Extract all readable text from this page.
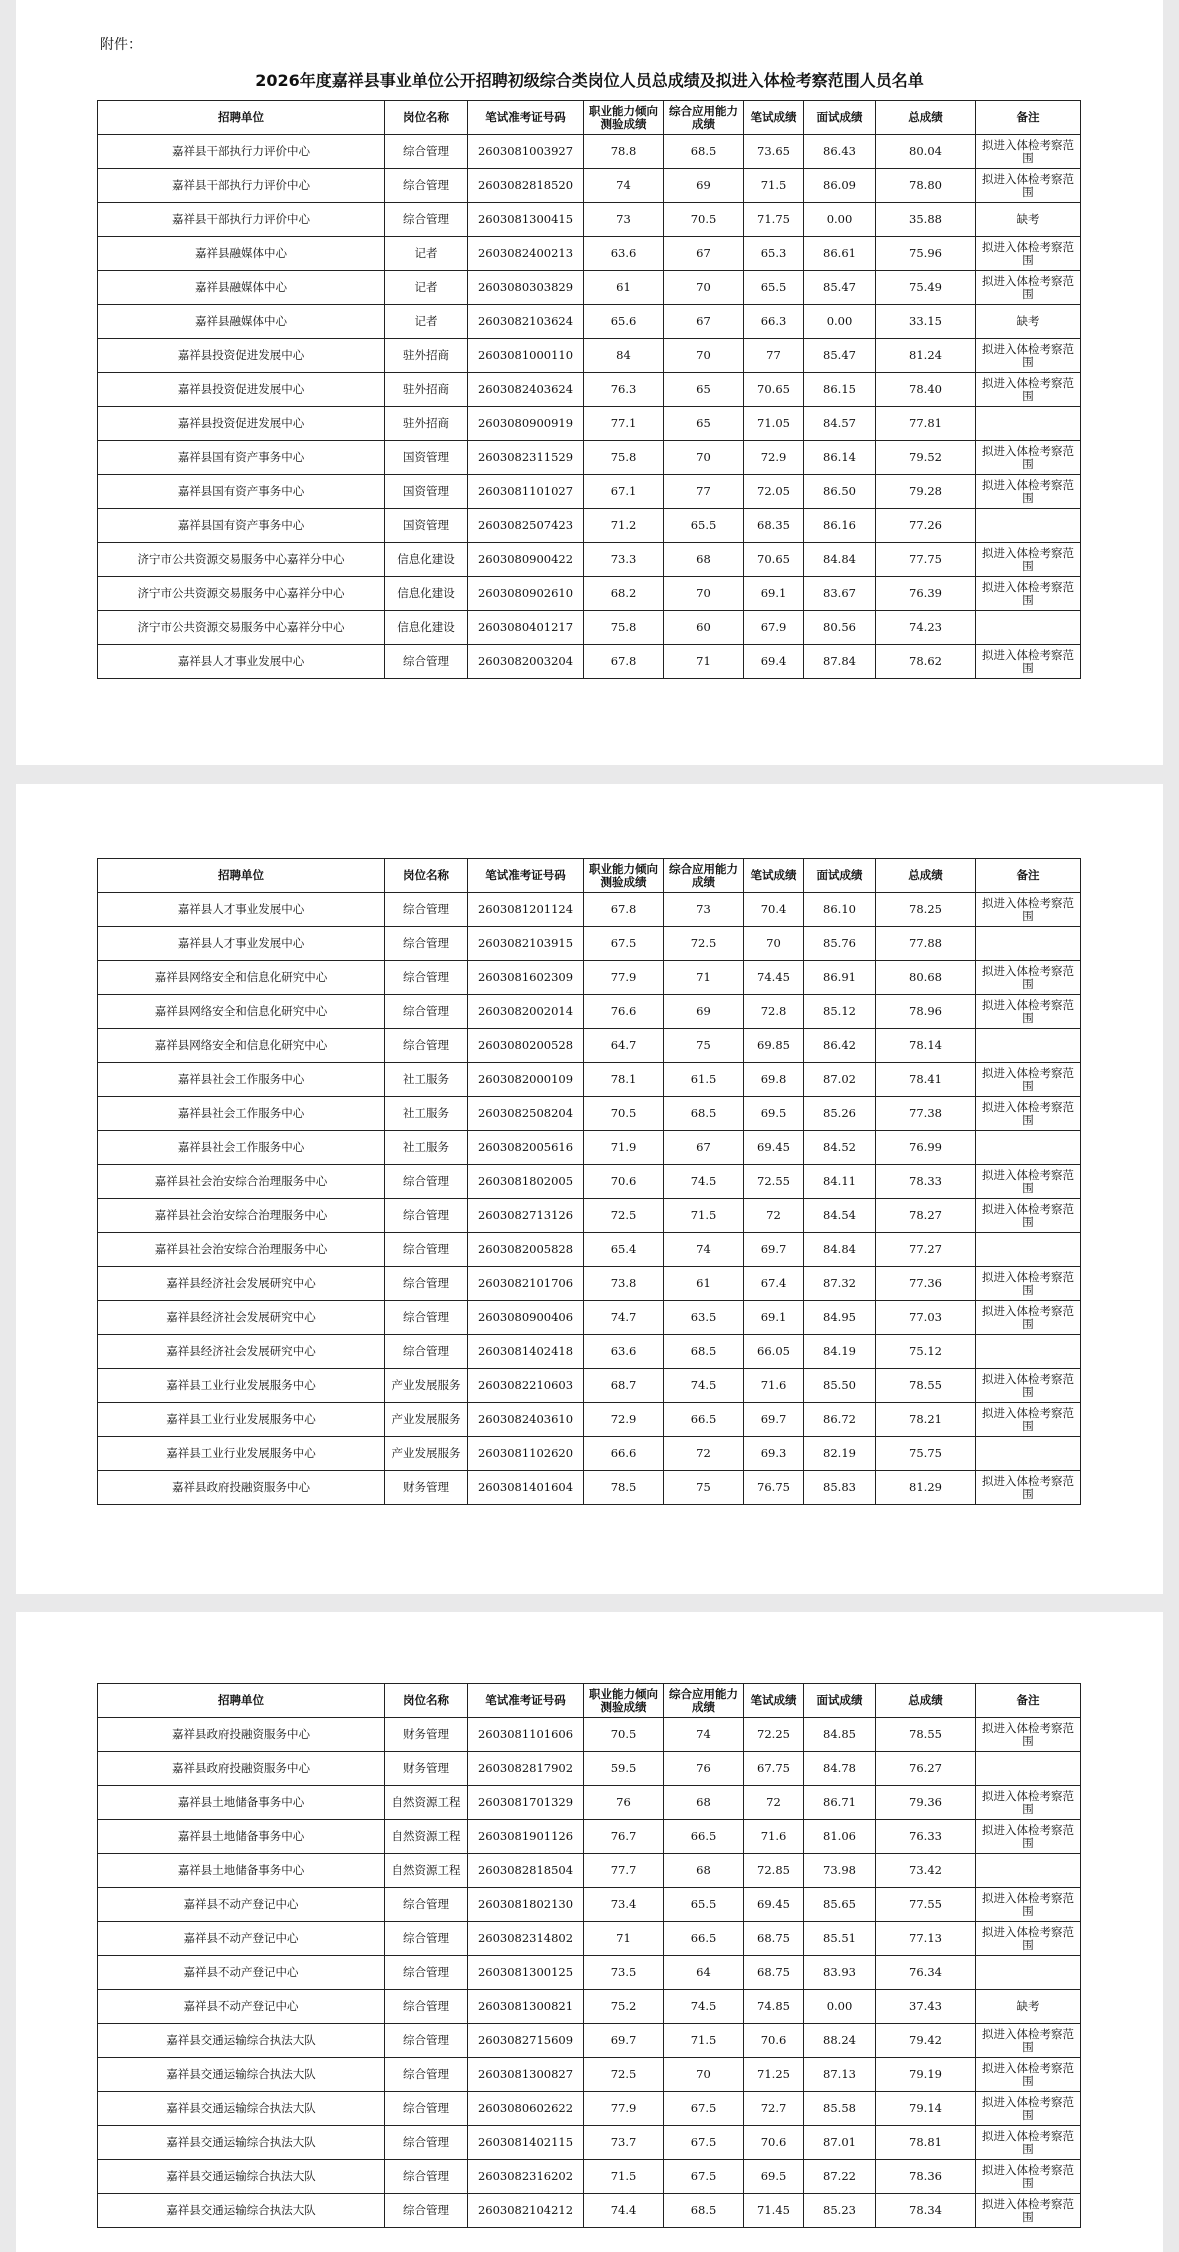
附件：
2026年度嘉祥县事业单位公开招聘初级综合类岗位人员总成绩及拟进入体检考察范围人员名单
招聘单位	岗位名称	笔试准考证号码	职业能力倾向测验成绩	综合应用能力成绩	笔试成绩	面试成绩	总成绩	备注
嘉祥县干部执行力评价中心	综合管理	2603081003927	78.8	68.5	73.65	86.43	80.04	拟进入体检考察范围
嘉祥县干部执行力评价中心	综合管理	2603082818520	74	69	71.5	86.09	78.80	拟进入体检考察范围
嘉祥县干部执行力评价中心	综合管理	2603081300415	73	70.5	71.75	0.00	35.88	缺考
嘉祥县融媒体中心	记者	2603082400213	63.6	67	65.3	86.61	75.96	拟进入体检考察范围
嘉祥县融媒体中心	记者	2603080303829	61	70	65.5	85.47	75.49	拟进入体检考察范围
嘉祥县融媒体中心	记者	2603082103624	65.6	67	66.3	0.00	33.15	缺考
嘉祥县投资促进发展中心	驻外招商	2603081000110	84	70	77	85.47	81.24	拟进入体检考察范围
嘉祥县投资促进发展中心	驻外招商	2603082403624	76.3	65	70.65	86.15	78.40	拟进入体检考察范围
嘉祥县投资促进发展中心	驻外招商	2603080900919	77.1	65	71.05	84.57	77.81	
嘉祥县国有资产事务中心	国资管理	2603082311529	75.8	70	72.9	86.14	79.52	拟进入体检考察范围
嘉祥县国有资产事务中心	国资管理	2603081101027	67.1	77	72.05	86.50	79.28	拟进入体检考察范围
嘉祥县国有资产事务中心	国资管理	2603082507423	71.2	65.5	68.35	86.16	77.26	
济宁市公共资源交易服务中心嘉祥分中心	信息化建设	2603080900422	73.3	68	70.65	84.84	77.75	拟进入体检考察范围
济宁市公共资源交易服务中心嘉祥分中心	信息化建设	2603080902610	68.2	70	69.1	83.67	76.39	拟进入体检考察范围
济宁市公共资源交易服务中心嘉祥分中心	信息化建设	2603080401217	75.8	60	67.9	80.56	74.23	
嘉祥县人才事业发展中心	综合管理	2603082003204	67.8	71	69.4	87.84	78.62	拟进入体检考察范围
招聘单位	岗位名称	笔试准考证号码	职业能力倾向测验成绩	综合应用能力成绩	笔试成绩	面试成绩	总成绩	备注
嘉祥县人才事业发展中心	综合管理	2603081201124	67.8	73	70.4	86.10	78.25	拟进入体检考察范围
嘉祥县人才事业发展中心	综合管理	2603082103915	67.5	72.5	70	85.76	77.88	
嘉祥县网络安全和信息化研究中心	综合管理	2603081602309	77.9	71	74.45	86.91	80.68	拟进入体检考察范围
嘉祥县网络安全和信息化研究中心	综合管理	2603082002014	76.6	69	72.8	85.12	78.96	拟进入体检考察范围
嘉祥县网络安全和信息化研究中心	综合管理	2603080200528	64.7	75	69.85	86.42	78.14	
嘉祥县社会工作服务中心	社工服务	2603082000109	78.1	61.5	69.8	87.02	78.41	拟进入体检考察范围
嘉祥县社会工作服务中心	社工服务	2603082508204	70.5	68.5	69.5	85.26	77.38	拟进入体检考察范围
嘉祥县社会工作服务中心	社工服务	2603082005616	71.9	67	69.45	84.52	76.99	
嘉祥县社会治安综合治理服务中心	综合管理	2603081802005	70.6	74.5	72.55	84.11	78.33	拟进入体检考察范围
嘉祥县社会治安综合治理服务中心	综合管理	2603082713126	72.5	71.5	72	84.54	78.27	拟进入体检考察范围
嘉祥县社会治安综合治理服务中心	综合管理	2603082005828	65.4	74	69.7	84.84	77.27	
嘉祥县经济社会发展研究中心	综合管理	2603082101706	73.8	61	67.4	87.32	77.36	拟进入体检考察范围
嘉祥县经济社会发展研究中心	综合管理	2603080900406	74.7	63.5	69.1	84.95	77.03	拟进入体检考察范围
嘉祥县经济社会发展研究中心	综合管理	2603081402418	63.6	68.5	66.05	84.19	75.12	
嘉祥县工业行业发展服务中心	产业发展服务	2603082210603	68.7	74.5	71.6	85.50	78.55	拟进入体检考察范围
嘉祥县工业行业发展服务中心	产业发展服务	2603082403610	72.9	66.5	69.7	86.72	78.21	拟进入体检考察范围
嘉祥县工业行业发展服务中心	产业发展服务	2603081102620	66.6	72	69.3	82.19	75.75	
嘉祥县政府投融资服务中心	财务管理	2603081401604	78.5	75	76.75	85.83	81.29	拟进入体检考察范围
招聘单位	岗位名称	笔试准考证号码	职业能力倾向测验成绩	综合应用能力成绩	笔试成绩	面试成绩	总成绩	备注
嘉祥县政府投融资服务中心	财务管理	2603081101606	70.5	74	72.25	84.85	78.55	拟进入体检考察范围
嘉祥县政府投融资服务中心	财务管理	2603082817902	59.5	76	67.75	84.78	76.27	
嘉祥县土地储备事务中心	自然资源工程	2603081701329	76	68	72	86.71	79.36	拟进入体检考察范围
嘉祥县土地储备事务中心	自然资源工程	2603081901126	76.7	66.5	71.6	81.06	76.33	拟进入体检考察范围
嘉祥县土地储备事务中心	自然资源工程	2603082818504	77.7	68	72.85	73.98	73.42	
嘉祥县不动产登记中心	综合管理	2603081802130	73.4	65.5	69.45	85.65	77.55	拟进入体检考察范围
嘉祥县不动产登记中心	综合管理	2603082314802	71	66.5	68.75	85.51	77.13	拟进入体检考察范围
嘉祥县不动产登记中心	综合管理	2603081300125	73.5	64	68.75	83.93	76.34	
嘉祥县不动产登记中心	综合管理	2603081300821	75.2	74.5	74.85	0.00	37.43	缺考
嘉祥县交通运输综合执法大队	综合管理	2603082715609	69.7	71.5	70.6	88.24	79.42	拟进入体检考察范围
嘉祥县交通运输综合执法大队	综合管理	2603081300827	72.5	70	71.25	87.13	79.19	拟进入体检考察范围
嘉祥县交通运输综合执法大队	综合管理	2603080602622	77.9	67.5	72.7	85.58	79.14	拟进入体检考察范围
嘉祥县交通运输综合执法大队	综合管理	2603081402115	73.7	67.5	70.6	87.01	78.81	拟进入体检考察范围
嘉祥县交通运输综合执法大队	综合管理	2603082316202	71.5	67.5	69.5	87.22	78.36	拟进入体检考察范围
嘉祥县交通运输综合执法大队	综合管理	2603082104212	74.4	68.5	71.45	85.23	78.34	拟进入体检考察范围
